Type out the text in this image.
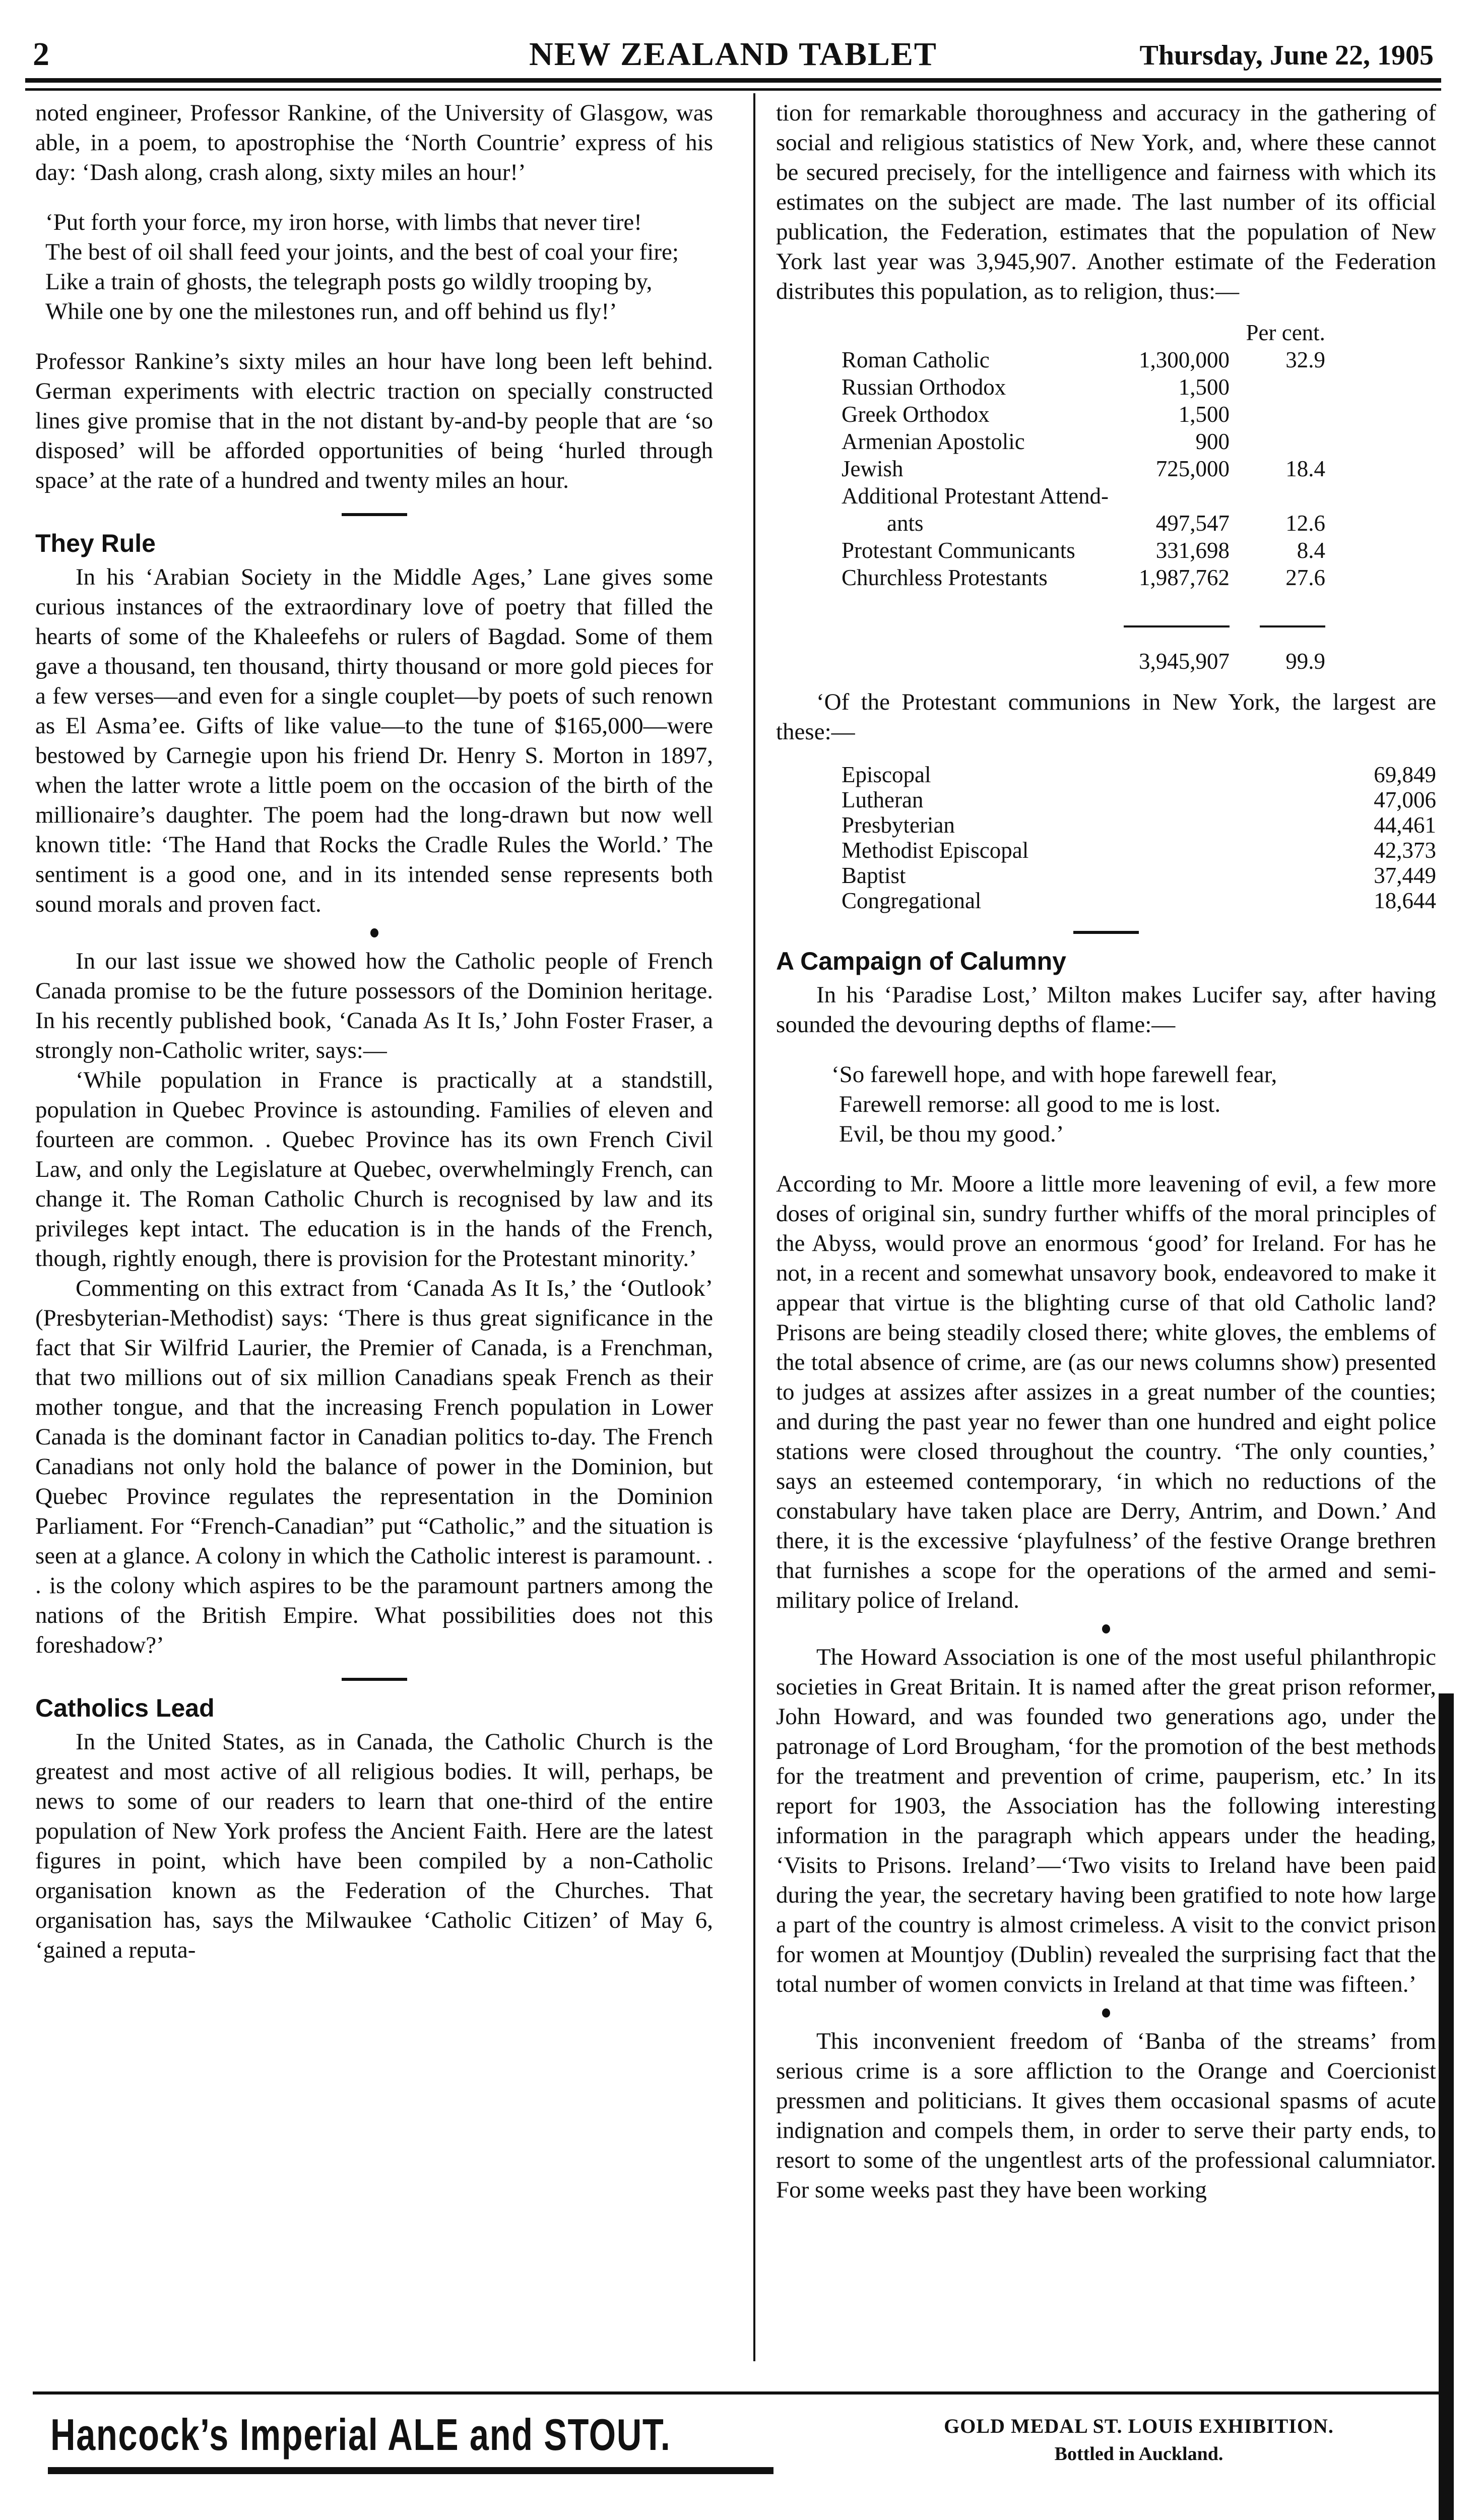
2	NEW ZEALAND TABLET	Thursday, June 22, 1905

noted engineer, Professor Rankine, of the University of Glasgow, was able, in a poem, to apostrophise the ‘North Countrie’ express of his day: ‘Dash along, crash along, sixty miles an hour!’

‘Put forth your force, my iron horse, with limbs that never tire!
The best of oil shall feed your joints, and the best of coal your fire;
Like a train of ghosts, the telegraph posts go wildly trooping by,
While one by one the milestones run, and off behind us fly!’

Professor Rankine’s sixty miles an hour have long been left behind. German experiments with electric traction on specially constructed lines give promise that in the not distant by-and-by people that are ‘so disposed’ will be afforded opportunities of being ‘hurled through space’ at the rate of a hundred and twenty miles an hour.

They Rule

In his ‘Arabian Society in the Middle Ages,’ Lane gives some curious instances of the extraordinary love of poetry that filled the hearts of some of the Khaleefehs or rulers of Bagdad. Some of them gave a thousand, ten thousand, thirty thousand or more gold pieces for a few verses—and even for a single couplet—by poets of such renown as El Asma’ee. Gifts of like value—to the tune of $165,000—were bestowed by Carnegie upon his friend Dr. Henry S. Morton in 1897, when the latter wrote a little poem on the occasion of the birth of the millionaire’s daughter. The poem had the long-drawn but now well known title: ‘The Hand that Rocks the Cradle Rules the World.’ The sentiment is a good one, and in its intended sense represents both sound morals and proven fact.

In our last issue we showed how the Catholic people of French Canada promise to be the future possessors of the Dominion heritage. In his recently published book, ‘Canada As It Is,’ John Foster Fraser, a strongly non-Catholic writer, says:—

‘While population in France is practically at a standstill, population in Quebec Province is astounding. Families of eleven and fourteen are common. . Quebec Province has its own French Civil Law, and only the Legislature at Quebec, overwhelmingly French, can change it. The Roman Catholic Church is recognised by law and its privileges kept intact. The education is in the hands of the French, though, rightly enough, there is provision for the Protestant minority.’

Commenting on this extract from ‘Canada As It Is,’ the ‘Outlook’ (Presbyterian-Methodist) says: ‘There is thus great significance in the fact that Sir Wilfrid Laurier, the Premier of Canada, is a Frenchman, that two millions out of six million Canadians speak French as their mother tongue, and that the increasing French population in Lower Canada is the dominant factor in Canadian politics to-day. The French Canadians not only hold the balance of power in the Dominion, but Quebec Province regulates the representation in the Dominion Parliament. For “French-Canadian” put “Catholic,” and the situation is seen at a glance. A colony in which the Catholic interest is paramount. . . is the colony which aspires to be the paramount partners among the nations of the British Empire. What possibilities does not this foreshadow?’

Catholics Lead

In the United States, as in Canada, the Catholic Church is the greatest and most active of all religious bodies. It will, perhaps, be news to some of our readers to learn that one-third of the entire population of New York profess the Ancient Faith. Here are the latest figures in point, which have been compiled by a non-Catholic organisation known as the Federation of the Churches. That organisation has, says the Milwaukee ‘Catholic Citizen’ of May 6, ‘gained a reputa-

tion for remarkable thoroughness and accuracy in the gathering of social and religious statistics of New York, and, where these cannot be secured precisely, for the intelligence and fairness with which its estimates on the subject are made. The last number of its official publication, the Federation, estimates that the population of New York last year was 3,945,907. Another estimate of the Federation distributes this population, as to religion, thus:—

		Per cent.
Roman Catholic	1,300,000	32.9
Russian Orthodox	1,500	
Greek Orthodox	1,500	
Armenian Apostolic	900	
Jewish	725,000	18.4
Additional Protestant Attend-		
ants	497,547	12.6
Protestant Communicants	331,698	8.4
Churchless Protestants	1,987,762	27.6

	3,945,907	99.9

‘Of the Protestant communions in New York, the largest are these:—

Episcopal	69,849
Lutheran	47,006
Presbyterian	44,461
Methodist Episcopal	42,373
Baptist	37,449
Congregational	18,644
A Campaign of Calumny

In his ‘Paradise Lost,’ Milton makes Lucifer say, after having sounded the devouring depths of flame:—

‘So farewell hope, and with hope farewell fear,
Farewell remorse: all good to me is lost.
Evil, be thou my good.’

According to Mr. Moore a little more leavening of evil, a few more doses of original sin, sundry further whiffs of the moral principles of the Abyss, would prove an enormous ‘good’ for Ireland. For has he not, in a recent and somewhat unsavory book, endeavored to make it appear that virtue is the blighting curse of that old Catholic land? Prisons are being steadily closed there; white gloves, the emblems of the total absence of crime, are (as our news columns show) presented to judges at assizes after assizes in a great number of the counties; and during the past year no fewer than one hundred and eight police stations were closed throughout the country. ‘The only counties,’ says an esteemed contemporary, ‘in which no reductions of the constabulary have taken place are Derry, Antrim, and Down.’ And there, it is the excessive ‘playfulness’ of the festive Orange brethren that furnishes a scope for the operations of the armed and semi-military police of Ireland.

The Howard Association is one of the most useful philanthropic societies in Great Britain. It is named after the great prison reformer, John Howard, and was founded two generations ago, under the patronage of Lord Brougham, ‘for the promotion of the best methods for the treatment and prevention of crime, pauperism, etc.’ In its report for 1903, the Association has the following interesting information in the paragraph which appears under the heading, ‘Visits to Prisons. Ireland’—‘Two visits to Ireland have been paid during the year, the secretary having been gratified to note how large a part of the country is almost crimeless. A visit to the convict prison for women at Mountjoy (Dublin) revealed the surprising fact that the total number of women convicts in Ireland at that time was fifteen.’

This inconvenient freedom of ‘Banba of the streams’ from serious crime is a sore affliction to the Orange and Coercionist pressmen and politicians. It gives them occasional spasms of acute indignation and compels them, in order to serve their party ends, to resort to some of the ungentlest arts of the professional calumniator. For some weeks past they have been working

Hancock’s Imperial ALE and STOUT.	GOLD MEDAL ST. LOUIS EXHIBITION.
Bottled in Auckland.
